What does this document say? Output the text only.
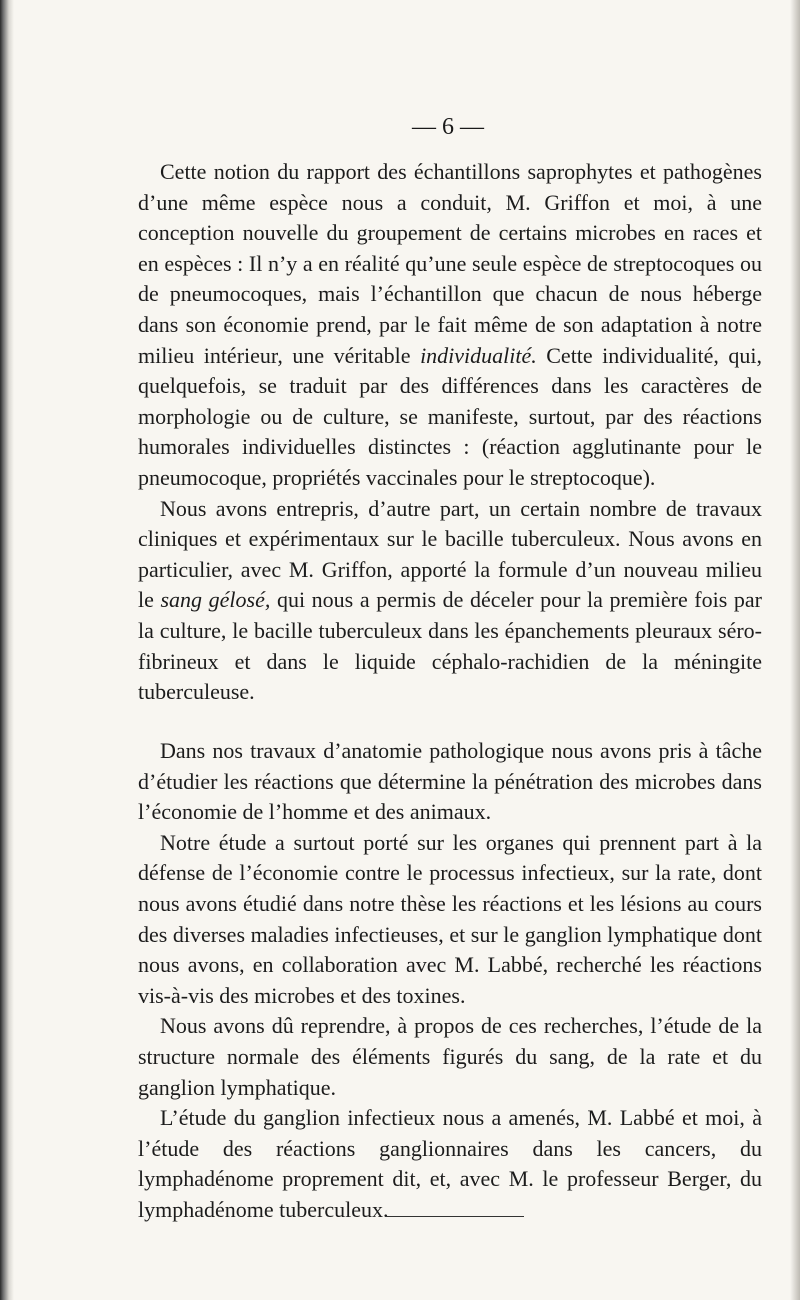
— 6 —

Cette notion du rapport des échantillons saprophytes et pathogènes d’une même espèce nous a conduit, M. Griffon et moi, à une conception nouvelle du groupement de certains microbes en races et en espèces : Il n’y a en réalité qu’une seule espèce de streptocoques ou de pneumocoques, mais l’échantillon que chacun de nous héberge dans son économie prend, par le fait même de son adaptation à notre milieu intérieur, une véritable individualité. Cette individualité, qui, quelquefois, se traduit par des différences dans les caractères de morphologie ou de culture, se manifeste, surtout, par des réactions humorales individuelles distinctes : (réaction agglutinante pour le pneumocoque, propriétés vaccinales pour le streptocoque).

Nous avons entrepris, d’autre part, un certain nombre de travaux cliniques et expérimentaux sur le bacille tuberculeux. Nous avons en particulier, avec M. Griffon, apporté la formule d’un nouveau milieu le sang gélosé, qui nous a permis de déceler pour la première fois par la culture, le bacille tuberculeux dans les épanchements pleuraux séro-fibrineux et dans le liquide céphalo-rachidien de la méningite tuberculeuse.

Dans nos travaux d’anatomie pathologique nous avons pris à tâche d’étudier les réactions que détermine la pénétration des microbes dans l’économie de l’homme et des animaux.

Notre étude a surtout porté sur les organes qui prennent part à la défense de l’économie contre le processus infectieux, sur la rate, dont nous avons étudié dans notre thèse les réactions et les lésions au cours des diverses maladies infectieuses, et sur le ganglion lymphatique dont nous avons, en collaboration avec M. Labbé, recherché les réactions vis-à-vis des microbes et des toxines.

Nous avons dû reprendre, à propos de ces recherches, l’étude de la structure normale des éléments figurés du sang, de la rate et du ganglion lymphatique.

L’étude du ganglion infectieux nous a amenés, M. Labbé et moi, à l’étude des réactions ganglionnaires dans les cancers, du lymphadénome proprement dit, et, avec M. le professeur Berger, du lymphadénome tuberculeux.
